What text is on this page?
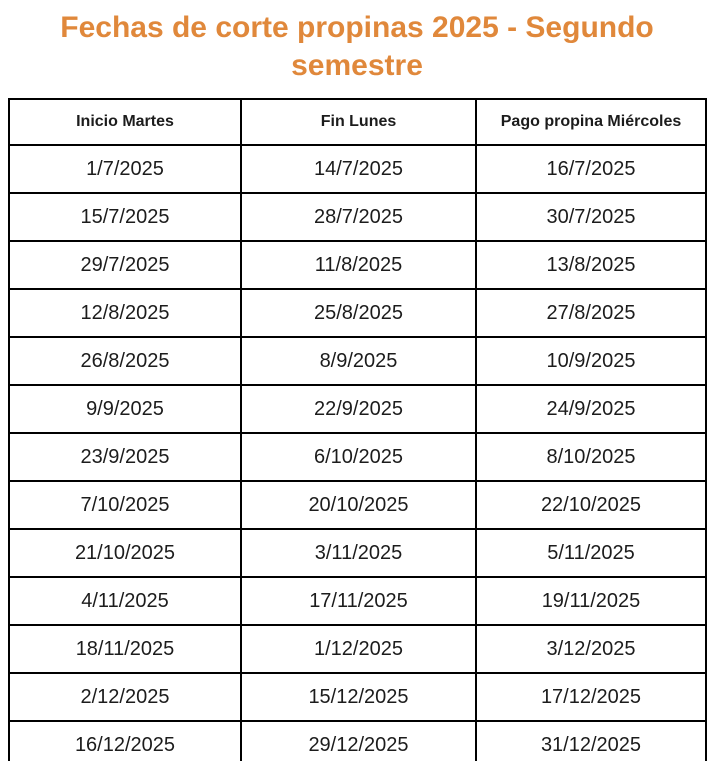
Fechas de corte propinas 2025 - Segundo semestre
Inicio Martes	Fin Lunes	Pago propina Miércoles
1/7/2025	14/7/2025	16/7/2025
15/7/2025	28/7/2025	30/7/2025
29/7/2025	11/8/2025	13/8/2025
12/8/2025	25/8/2025	27/8/2025
26/8/2025	8/9/2025	10/9/2025
9/9/2025	22/9/2025	24/9/2025
23/9/2025	6/10/2025	8/10/2025
7/10/2025	20/10/2025	22/10/2025
21/10/2025	3/11/2025	5/11/2025
4/11/2025	17/11/2025	19/11/2025
18/11/2025	1/12/2025	3/12/2025
2/12/2025	15/12/2025	17/12/2025
16/12/2025	29/12/2025	31/12/2025
